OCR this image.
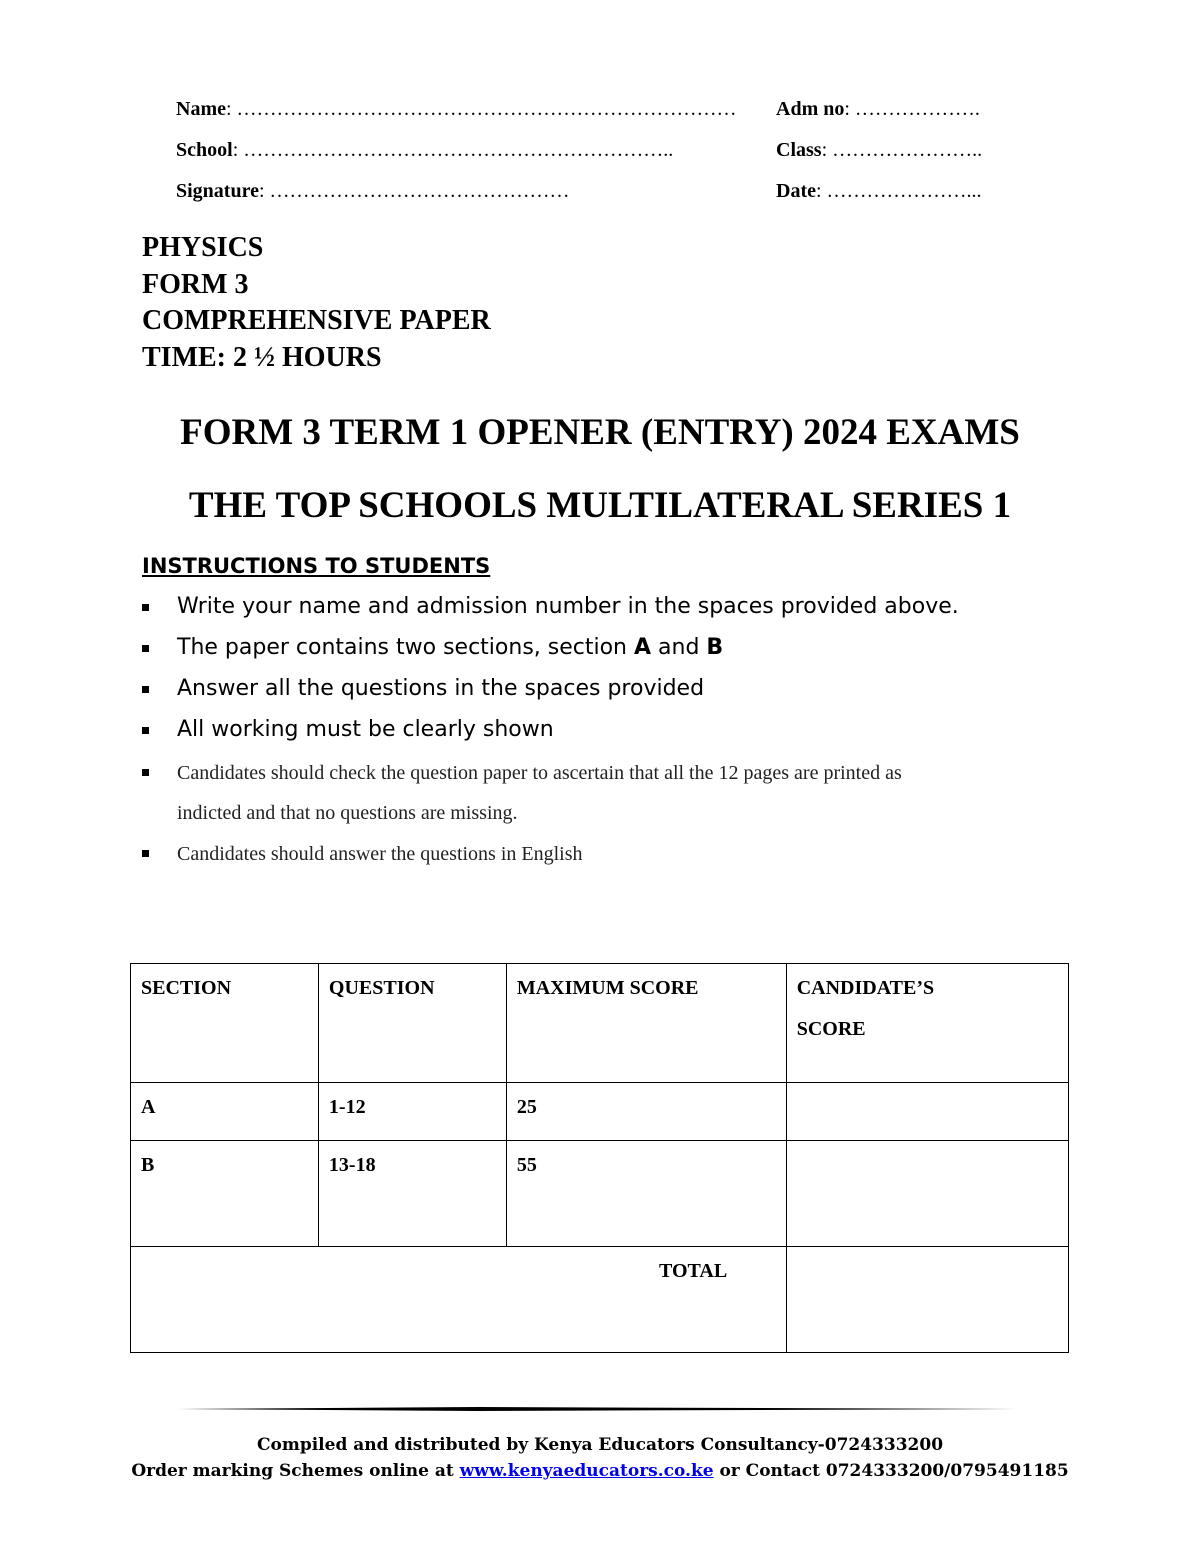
Name: ………………………………………………………………… Adm no: ……………….
School: ………………………………………………………..	Class: …………………..
Signature: ………………………………………	Date: …………………...
PHYSICS
FORM 3
COMPREHENSIVE PAPER
TIME: 2 ½ HOURS
FORM 3 TERM 1 OPENER (ENTRY) 2024 EXAMS
THE TOP SCHOOLS MULTILATERAL SERIES 1
INSTRUCTIONS TO STUDENTS
Write your name and admission number in the spaces provided above.
The paper contains two sections, section A and B
Answer all the questions in the spaces provided
All working must be clearly shown
Candidates should check the question paper to ascertain that all the 12 pages are printed as
indicted and that no questions are missing.
Candidates should answer the questions in English
SECTION	QUESTION	MAXIMUM SCORE	CANDIDATE’S
SCORE

A	1-12	25	
B	13-18	55	
TOTAL			
Compiled and distributed by Kenya Educators Consultancy-0724333200
Order marking Schemes online at www.kenyaeducators.co.ke or Contact 0724333200/0795491185
